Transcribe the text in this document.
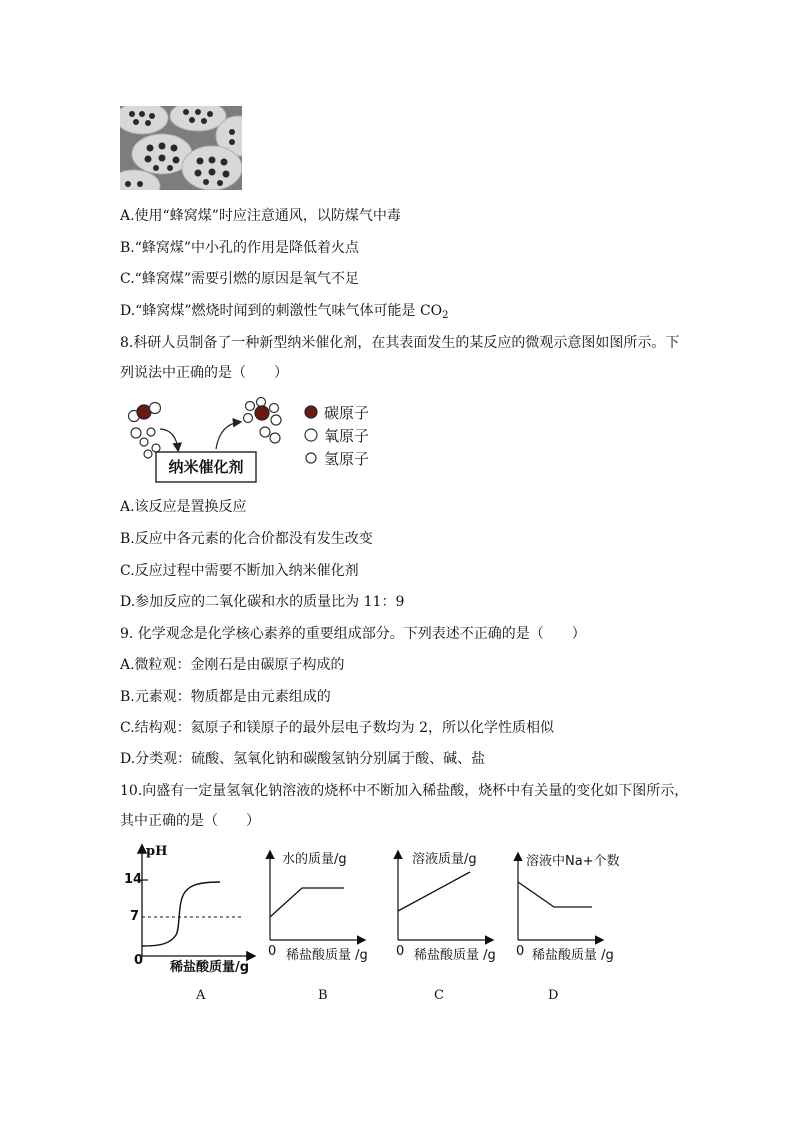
A.使用“蜂窝煤”时应注意通风，以防煤气中毒
B.“蜂窝煤”中小孔的作用是降低着火点
C.“蜂窝煤”需要引燃的原因是氧气不足
D.“蜂窝煤”燃烧时闻到的刺激性气味气体可能是 $CO_2$
8.科研人员制备了一种新型纳米催化剂，在其表面发生的某反应的微观示意图如图所示。下
列说法中正确的是（　　）
纳米催化剂
碳原子
氧原子
氢原子
A.该反应是置换反应
B.反应中各元素的化合价都没有发生改变
C.反应过程中需要不断加入纳米催化剂
D.参加反应的二氧化碳和水的质量比为 11：9
9. 化学观念是化学核心素养的重要组成部分。下列表述不正确的是（　　）
A.微粒观：金刚石是由碳原子构成的
B.元素观：物质都是由元素组成的
C.结构观：氦原子和镁原子的最外层电子数均为 2，所以化学性质相似
D.分类观：硫酸、氢氧化钠和碳酸氢钠分别属于酸、碱、盐
10.向盛有一定量氢氧化钠溶液的烧杯中不断加入稀盐酸，烧杯中有关量的变化如下图所示，
其中正确的是（　　）
pH
14
7
0 稀盐酸质量/g
A
水的质量/g
0 稀盐酸质量 /g
B
溶液质量/g
0 稀盐酸质量 /g
C
溶液中Na+个数
0 稀盐酸质量 /g
D
